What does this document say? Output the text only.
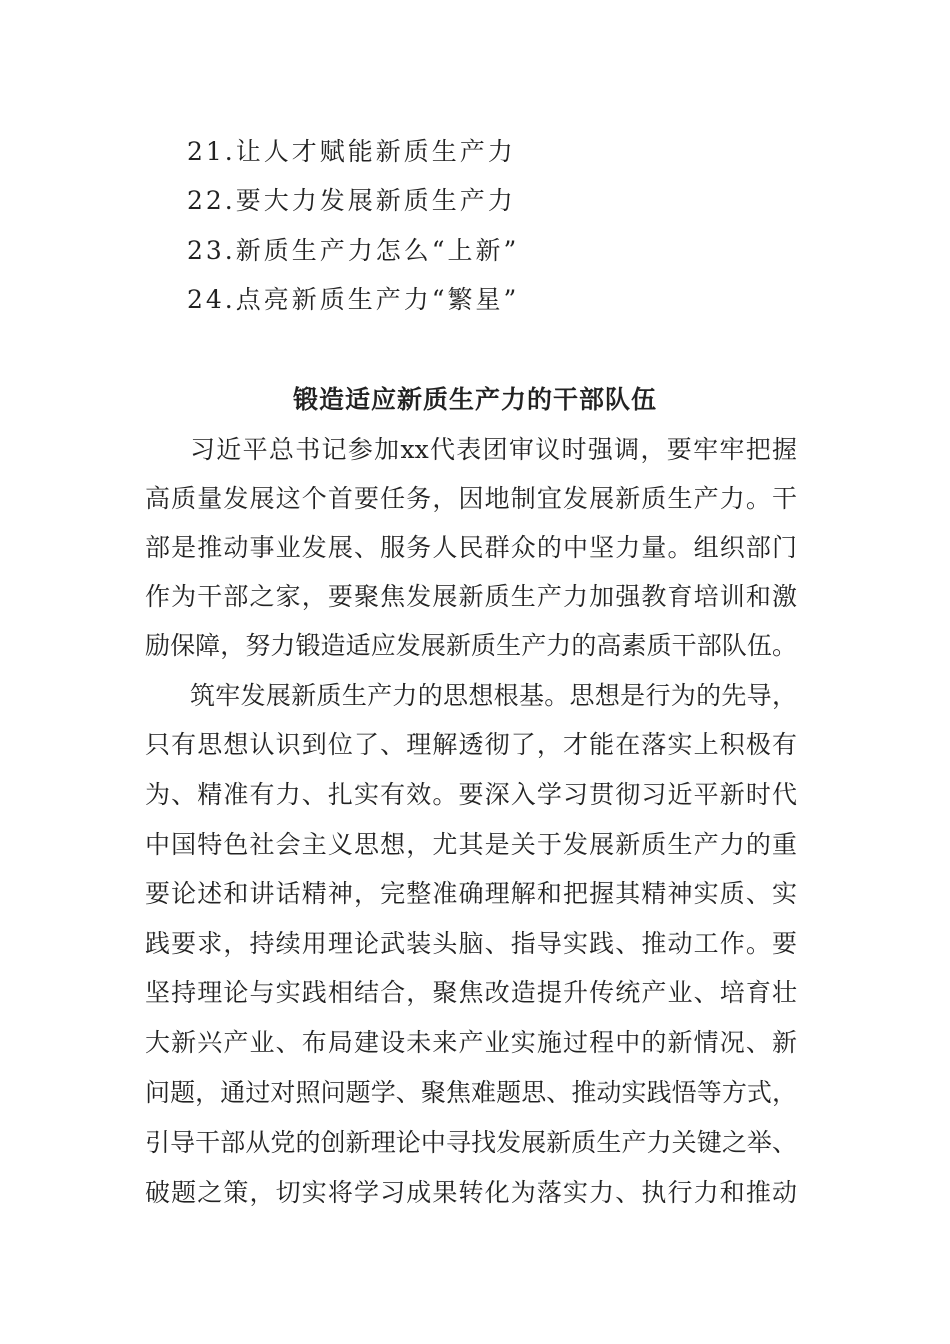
21.让人才赋能新质生产力
22.要大力发展新质生产力
23.新质生产力怎么“上新”
24.点亮新质生产力“繁星”
锻造适应新质生产力的干部队伍
习近平总书记参加xx代表团审议时强调，要牢牢把握
高质量发展这个首要任务，因地制宜发展新质生产力。干
部是推动事业发展、服务人民群众的中坚力量。组织部门
作为干部之家，要聚焦发展新质生产力加强教育培训和激
励保障，努力锻造适应发展新质生产力的高素质干部队伍。
筑牢发展新质生产力的思想根基。思想是行为的先导，
只有思想认识到位了、理解透彻了，才能在落实上积极有
为、精准有力、扎实有效。要深入学习贯彻习近平新时代
中国特色社会主义思想，尤其是关于发展新质生产力的重
要论述和讲话精神，完整准确理解和把握其精神实质、实
践要求，持续用理论武装头脑、指导实践、推动工作。要
坚持理论与实践相结合，聚焦改造提升传统产业、培育壮
大新兴产业、布局建设未来产业实施过程中的新情况、新
问题，通过对照问题学、聚焦难题思、推动实践悟等方式，
引导干部从党的创新理论中寻找发展新质生产力关键之举、
破题之策，切实将学习成果转化为落实力、执行力和推动
